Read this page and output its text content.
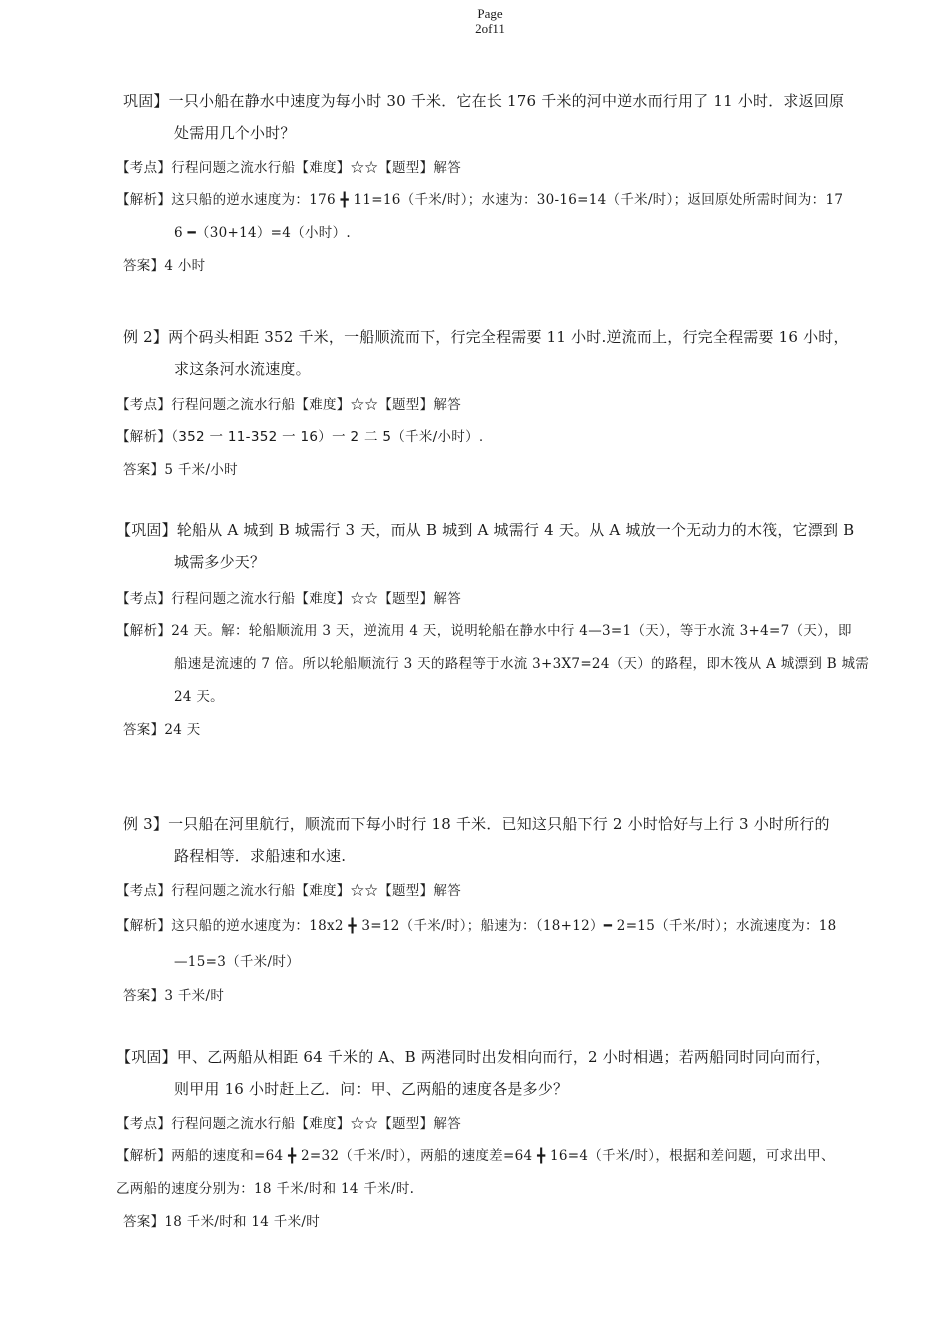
Page
2of11
巩固】一只小船在静水中速度为每小时 30 千米．它在长 176 千米的河中逆水而行用了 11 小时．求返回原
处需用几个小时？
【考点】行程问题之流水行船【难度】☆☆【题型】解答
【解析】这只船的逆水速度为：176 ╋ 11=16（千米/时）；水速为：30-16=14（千米/时）；返回原处所需时间为：17
6 ━（30+14）=4（小时）.
答案】4 小时
例 2】两个码头相距 352 千米，一船顺流而下，行完全程需要 11 小时.逆流而上，行完全程需要 16 小时，
求这条河水流速度。
【考点】行程问题之流水行船【难度】☆☆【题型】解答
【解析】（352 一 11-352 一 16）一 2 二 5（千米/小时）.
答案】5 千米/小时
【巩固】轮船从 A 城到 B 城需行 3 天，而从 B 城到 A 城需行 4 天。从 A 城放一个无动力的木筏，它漂到 B
城需多少天？
【考点】行程问题之流水行船【难度】☆☆【题型】解答
【解析】24 天。解：轮船顺流用 3 天，逆流用 4 天，说明轮船在静水中行 4—3=1（天），等于水流 3+4=7（天），即
船速是流速的 7 倍。所以轮船顺流行 3 天的路程等于水流 3+3X7=24（天）的路程，即木筏从 A 城漂到 B 城需
24 天。
答案】24 天
例 3】一只船在河里航行，顺流而下每小时行 18 千米．已知这只船下行 2 小时恰好与上行 3 小时所行的
路程相等．求船速和水速.
【考点】行程问题之流水行船【难度】☆☆【题型】解答
【解析】这只船的逆水速度为：18x2 ╋ 3=12（千米/时）；船速为：（18+12）━ 2=15（千米/时）；水流速度为：18
—15=3（千米/时）
答案】3 千米/时
【巩固】甲、乙两船从相距 64 千米的 A、B 两港同时出发相向而行，2 小时相遇；若两船同时同向而行，
则甲用 16 小时赶上乙．问：甲、乙两船的速度各是多少？
【考点】行程问题之流水行船【难度】☆☆【题型】解答
【解析】两船的速度和=64 ╋ 2=32（千米/时），两船的速度差=64 ╋ 16=4（千米/时），根据和差问题，可求出甲、
乙两船的速度分别为：18 千米/时和 14 千米/时.
答案】18 千米/时和 14 千米/时
